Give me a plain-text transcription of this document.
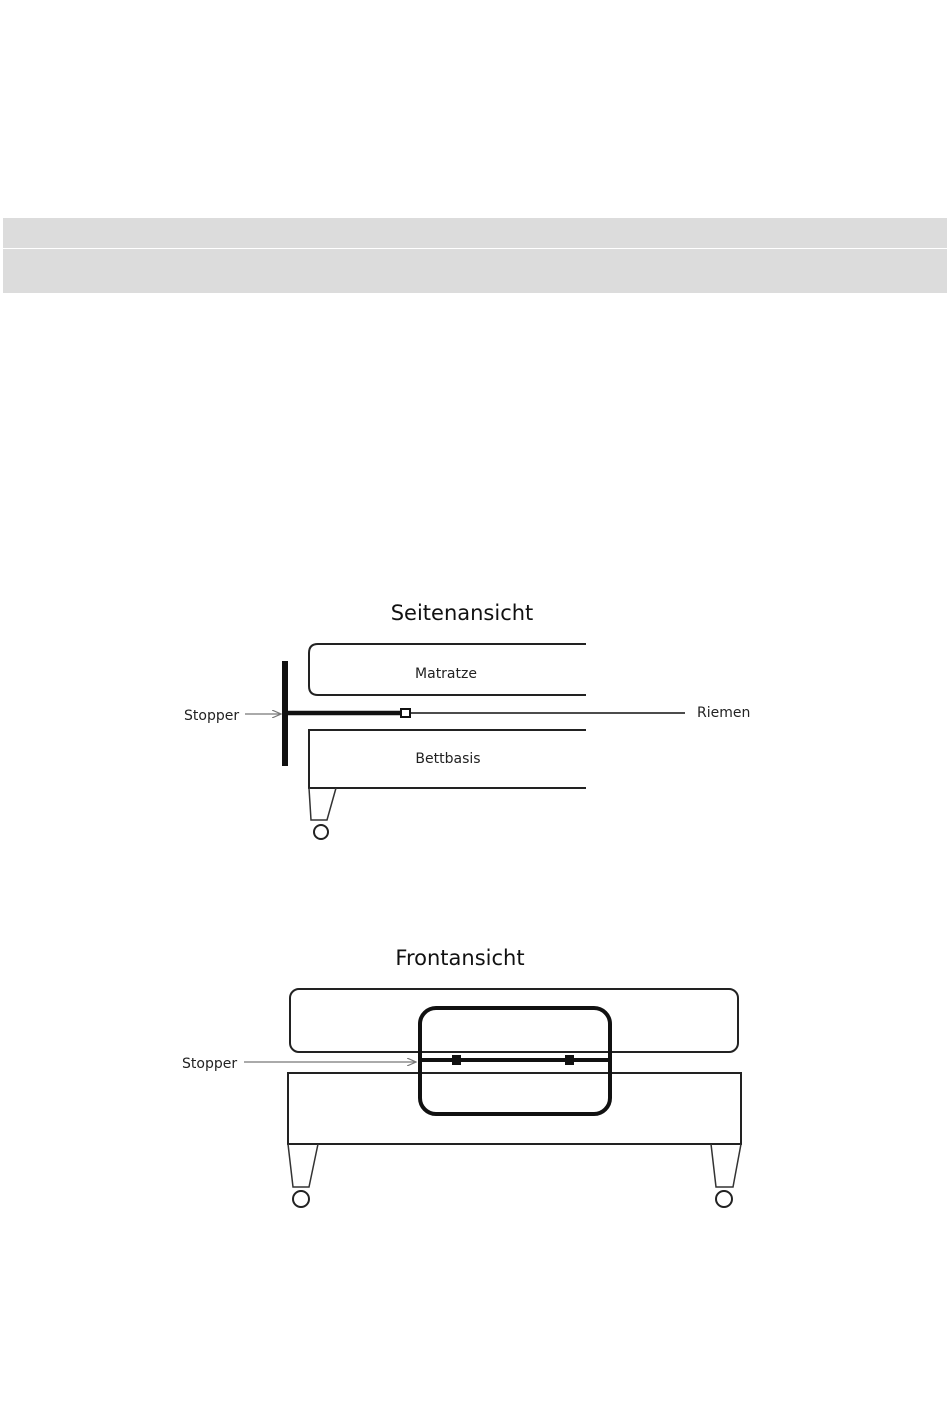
Seitenansicht
Matratze
Bettbasis
Stopper	Riemen
Frontansicht
Stopper
